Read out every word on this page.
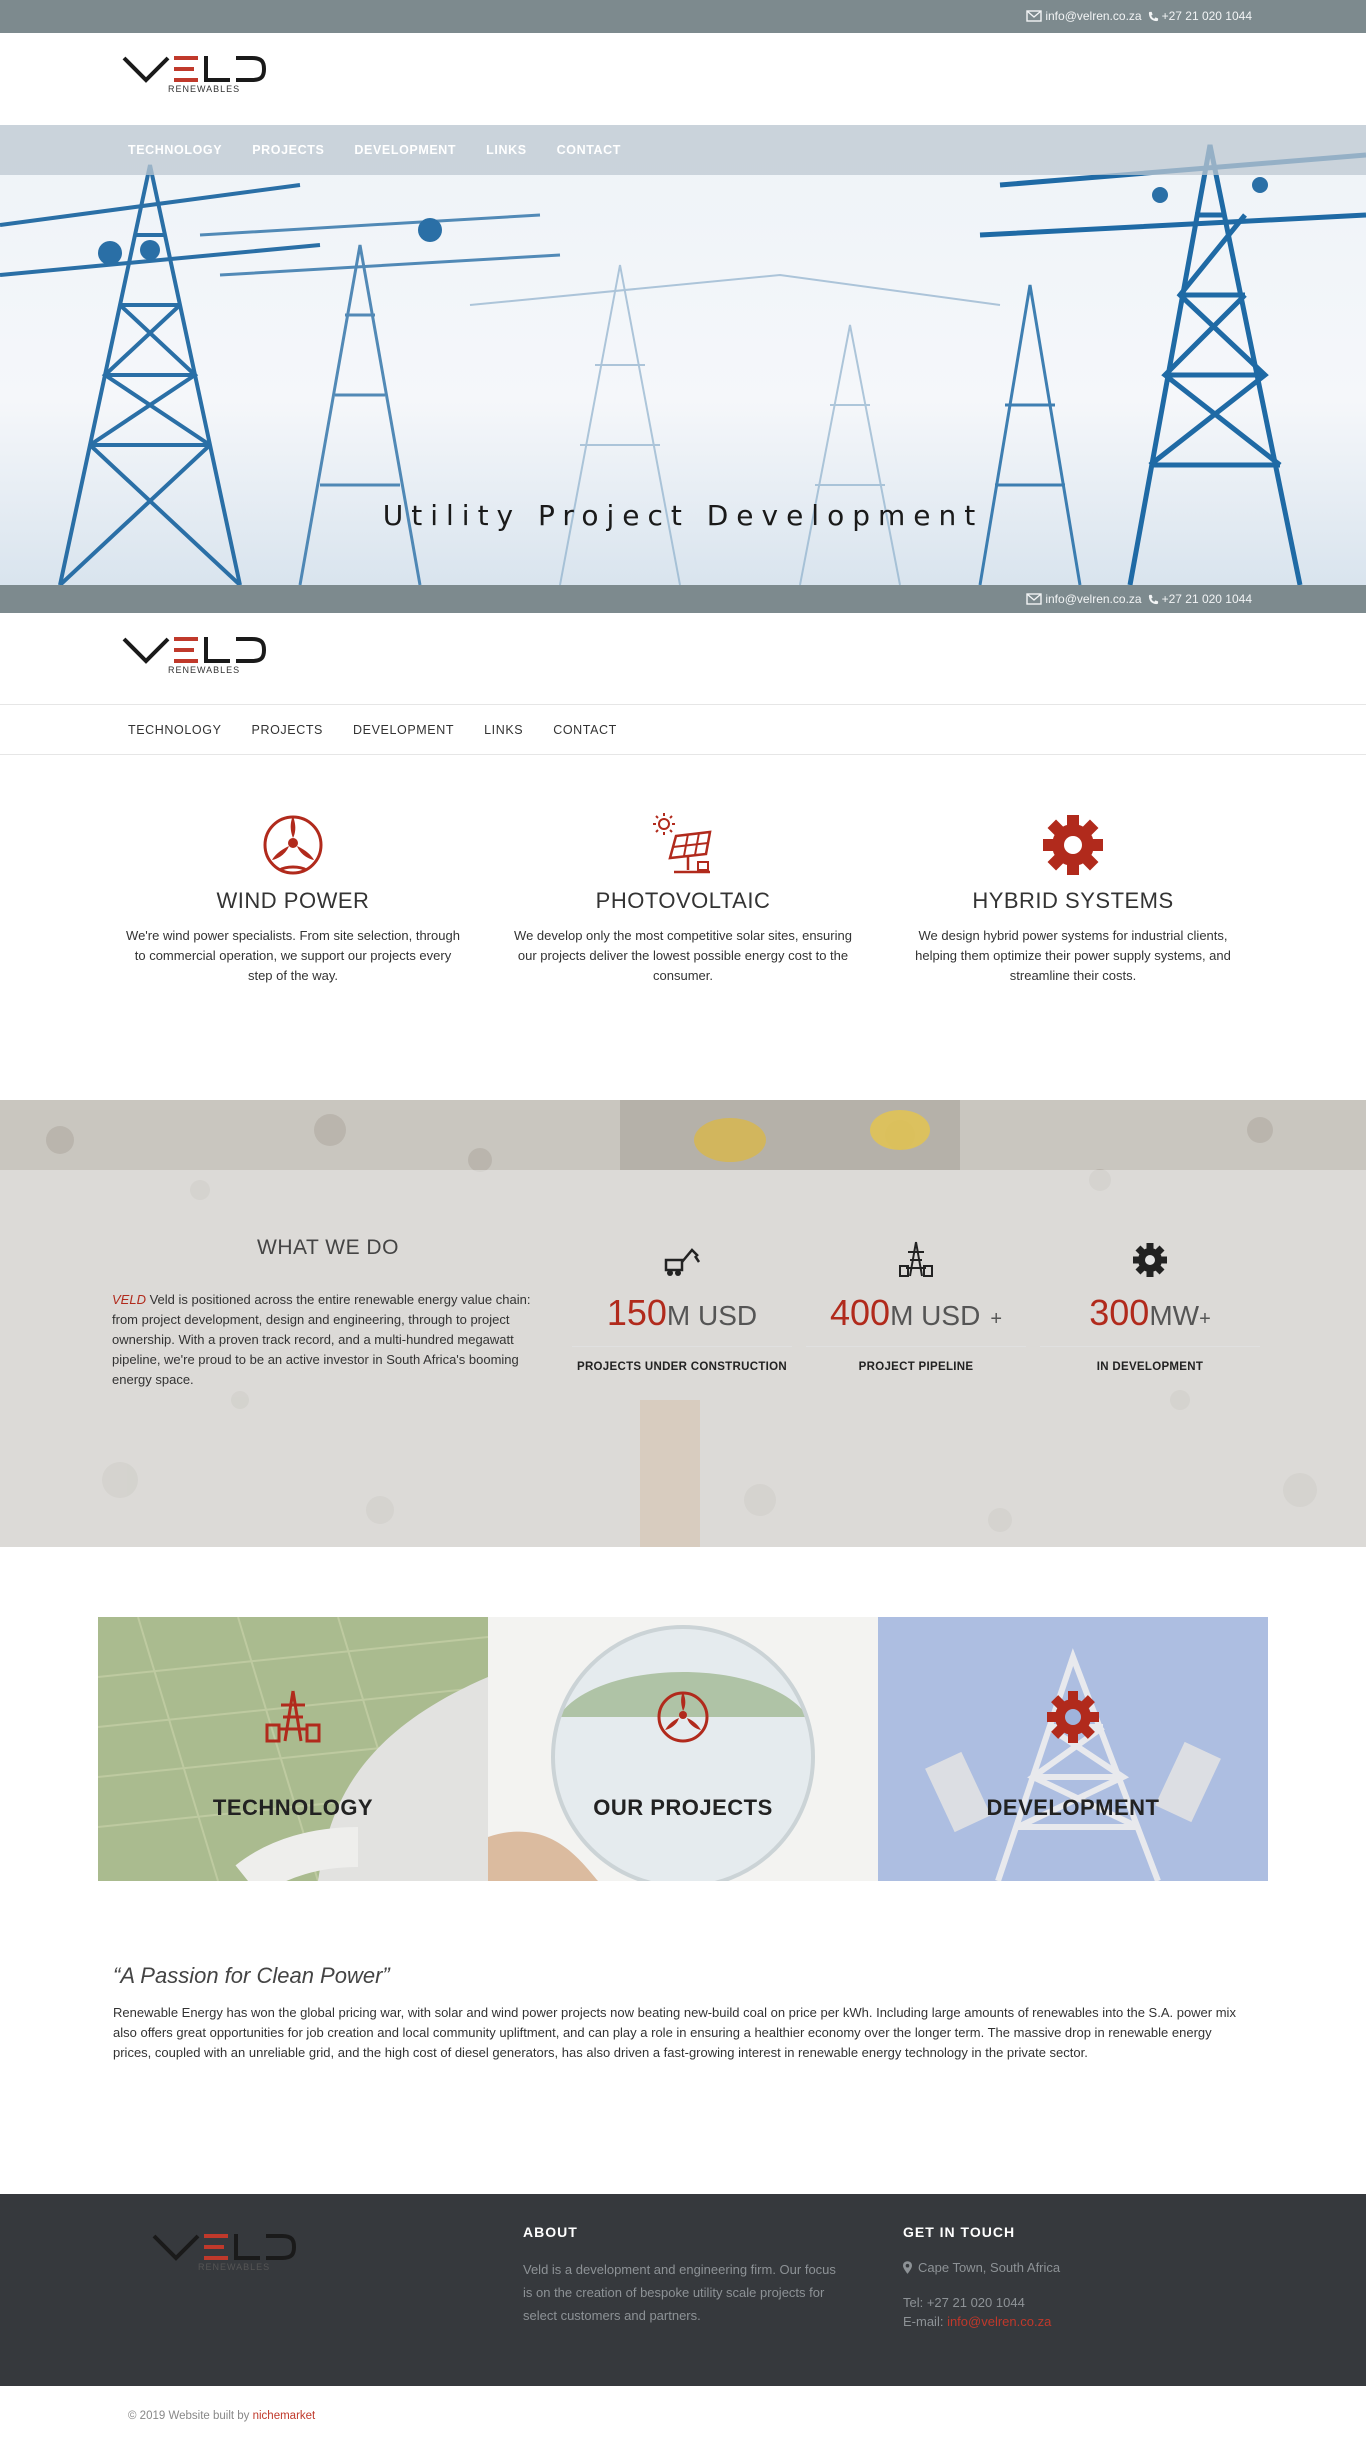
info@velren.co.za +27 21 020 1044
RENEWABLES
Utility Project Development
TECHNOLOGY PROJECTS DEVELOPMENT LINKS CONTACT
info@velren.co.za +27 21 020 1044
RENEWABLES
TECHNOLOGY PROJECTS DEVELOPMENT LINKS CONTACT
WIND POWER

We're wind power specialists. From site selection, through to commercial operation, we support our projects every step of the way.

PHOTOVOLTAIC

We develop only the most competitive solar sites, ensuring our projects deliver the lowest possible energy cost to the consumer.

HYBRID SYSTEMS

We design hybrid power systems for industrial clients, helping them optimize their power supply systems, and streamline their costs.

WHAT WE DO

VELD Veld is positioned across the entire renewable energy value chain: from project development, design and engineering, through to project ownership. With a proven track record, and a multi-hundred megawatt pipeline, we're proud to be an active investor in South Africa's booming energy space.

150M USD
PROJECTS UNDER CONSTRUCTION
400M USD +
PROJECT PIPELINE
300MW+
IN DEVELOPMENT
TECHNOLOGY	OUR PROJECTS	DEVELOPMENT
“A Passion for Clean Power”

Renewable Energy has won the global pricing war, with solar and wind power projects now beating new-build coal on price per kWh. Including large amounts of renewables into the S.A. power mix also offers great opportunities for job creation and local community upliftment, and can play a role in ensuring a healthier economy over the longer term. The massive drop in renewable energy prices, coupled with an unreliable grid, and the high cost of diesel generators, has also driven a fast-growing interest in renewable energy technology in the private sector.

RENEWABLES
ABOUT

Veld is a development and engineering firm. Our focus is on the creation of bespoke utility scale projects for select customers and partners.

GET IN TOUCH
Cape Town, South Africa
Tel: +27 21 020 1044
E-mail: info@velren.co.za
© 2019 Website built by nichemarket
